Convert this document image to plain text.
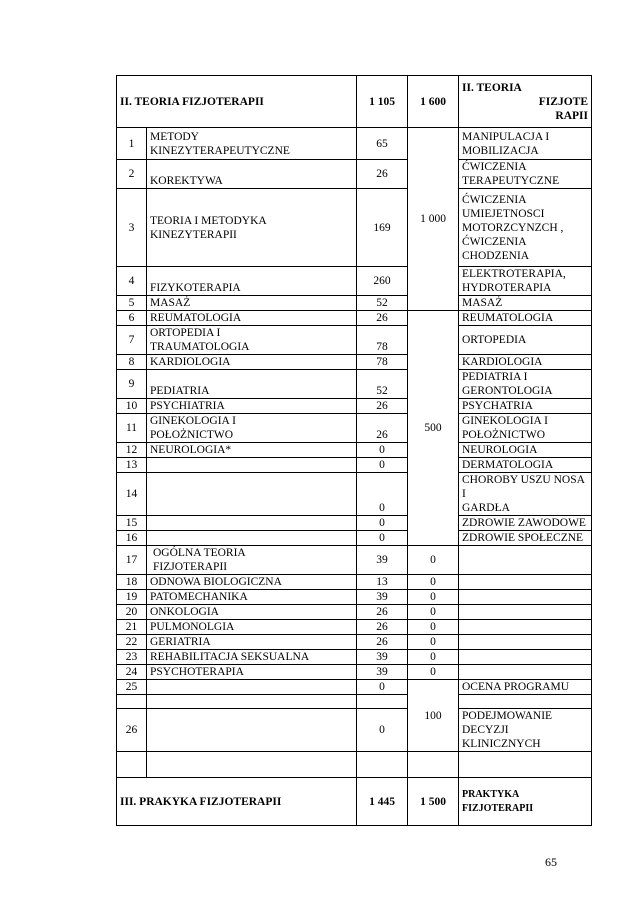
II. TEORIA FIZJOTERAPII		1 105	1 600	II. TEORIA
FIZJOTE
RAPII

1	METODY
KINEZYTERAPEUTYCZNE	65	1 000	MANIPULACJA I
MOBILIZACJA

2	KOREKTYWA	26		ĆWICZENIA
TERAPEUTYCZNE

3	TEORIA I METODYKA
KINEZYTERAPII	169		ĆWICZENIA
UMIEJETNOSCI
MOTORZCYNZCH ,
ĆWICZENIA
CHODZENIA

4	FIZYKOTERAPIA	260		ELEKTROTERAPIA,
HYDROTERAPIA

5	MASAŻ	52		MASAŻ

6	REUMATOLOGIA	26	500	REUMATOLOGIA

7	ORTOPEDIA I
TRAUMATOLOGIA	78		ORTOPEDIA

8	KARDIOLOGIA	78		KARDIOLOGIA

9	PEDIATRIA	52		PEDIATRIA I
GERONTOLOGIA

10	PSYCHIATRIA	26		PSYCHATRIA

11	GINEKOLOGIA I
POŁOŻNICTWO	26		GINEKOLOGIA I
POŁOŻNICTWO

12	NEUROLOGIA*	0		NEUROLOGIA

13		0		DERMATOLOGIA

14		0		CHOROBY USZU NOSA I
GARDŁA

15		0		ZDROWIE ZAWODOWE

16		0		ZDROWIE SPOŁECZNE

17	OGÓLNA TEORIA
FIZJOTERAPII	39	0	

18	ODNOWA BIOLOGICZNA	13	0	

19	PATOMECHANIKA	39	0	

20	ONKOLOGIA	26	0	

21	PULMONOLGIA	26	0	

22	GERIATRIA	26	0	

23	REHABILITACJA SEKSUALNA	39	0	

24	PSYCHOTERAPIA	39	0	

25		0	100	OCENA PROGRAMU

26		0		PODEJMOWANIE
DECYZJI KLINICZNYCH

III. PRAKYKA FIZJOTERAPII		1 445	1 500	PRAKTYKA FIZJOTERAPII
65
